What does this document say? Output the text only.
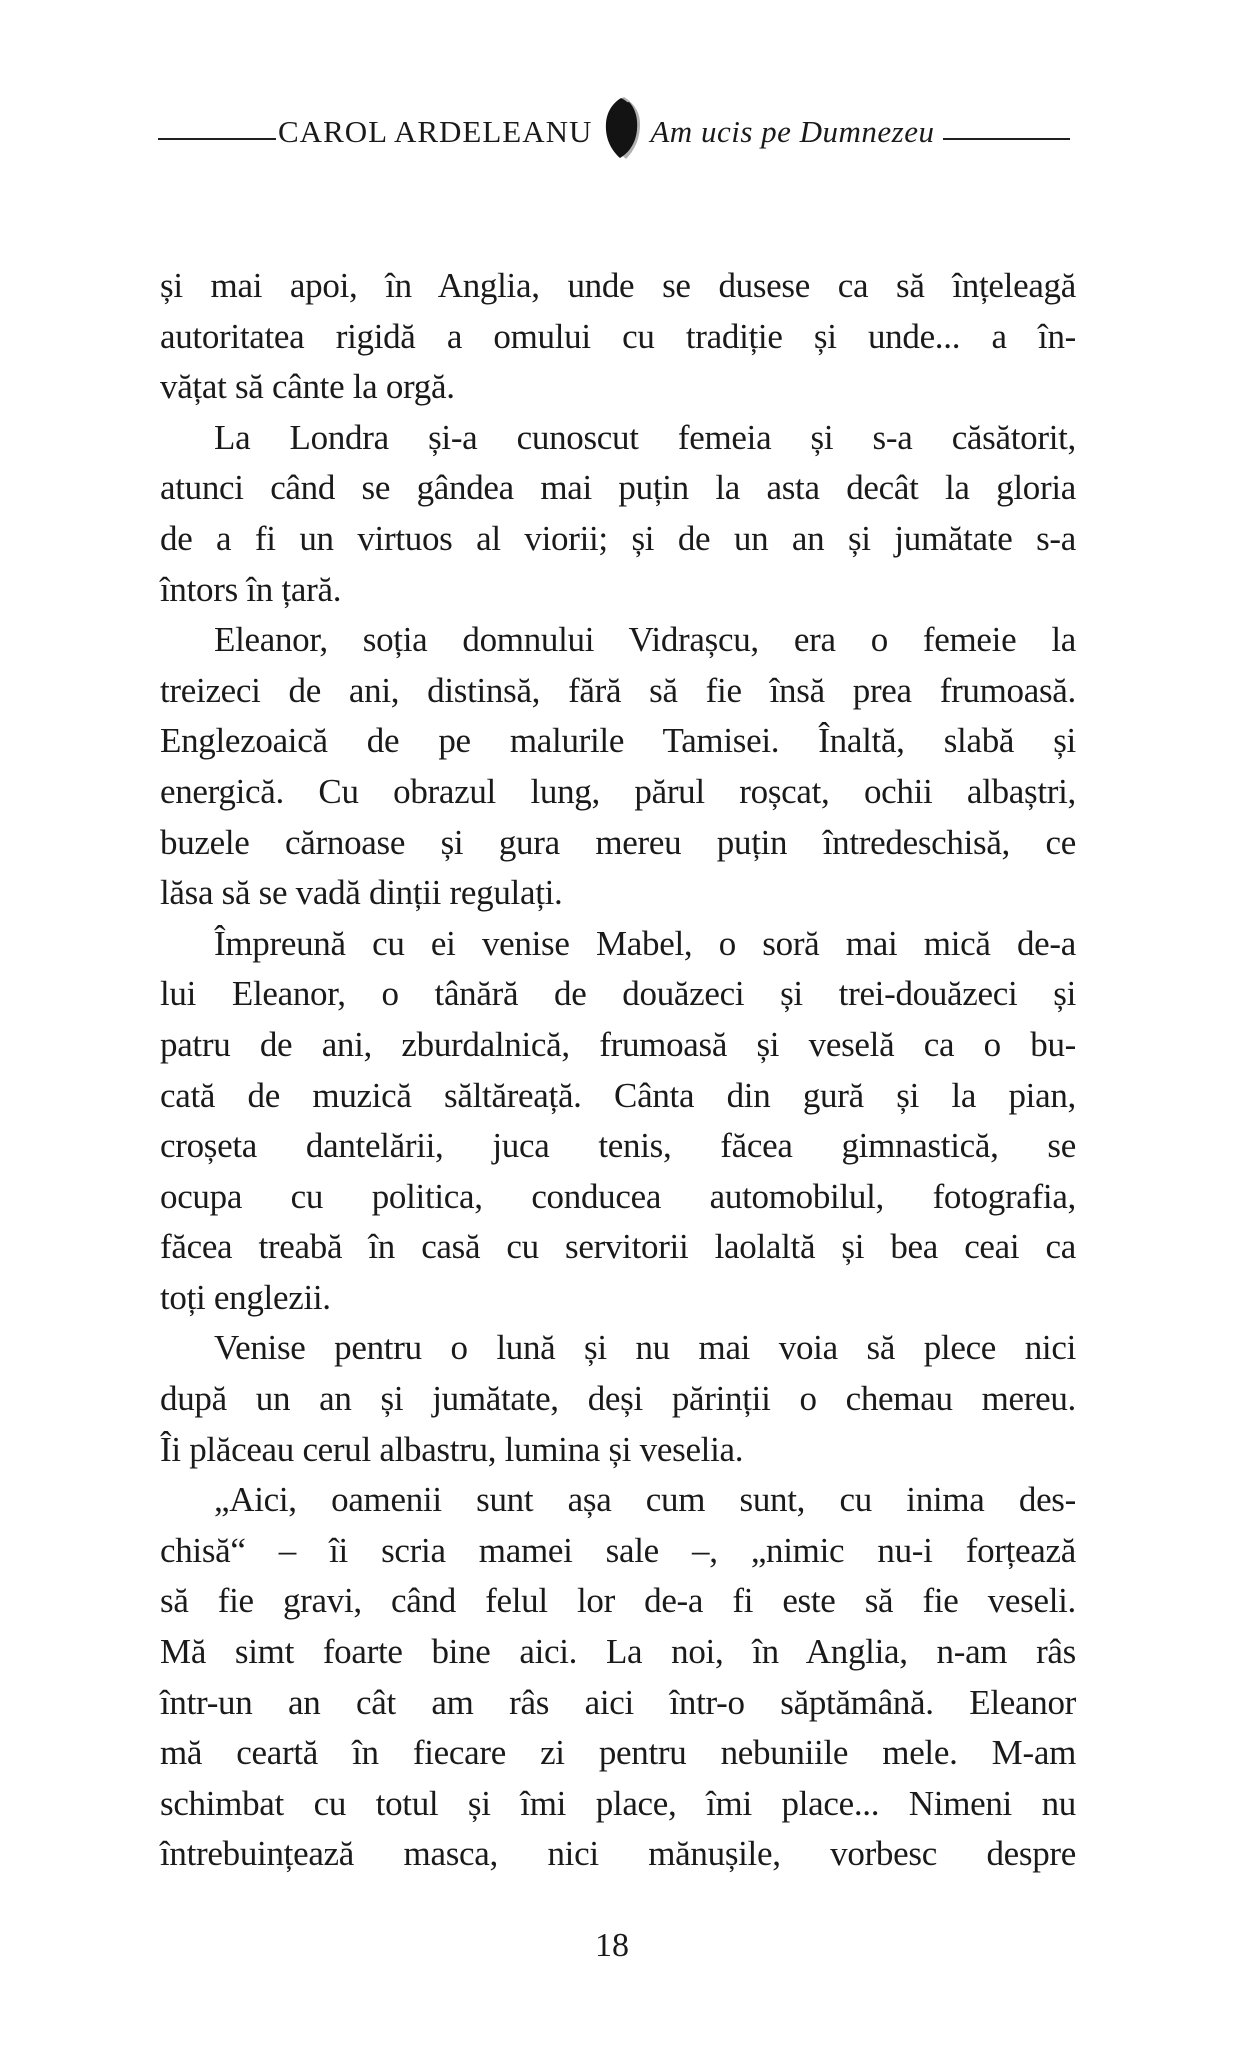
CAROL ARDELEANU Am ucis pe Dumnezeu
și mai apoi, în Anglia, unde se dusese ca să înțeleagă
autoritatea rigidă a omului cu tradiție și unde... a în-
vățat să cânte la orgă.
La Londra și-a cunoscut femeia și s-a căsătorit,
atunci când se gândea mai puțin la asta decât la gloria
de a fi un virtuos al viorii; și de un an și jumătate s-a
întors în țară.
Eleanor, soția domnului Vidrașcu, era o femeie la
treizeci de ani, distinsă, fără să fie însă prea frumoasă.
Englezoaică de pe malurile Tamisei. Înaltă, slabă și
energică. Cu obrazul lung, părul roșcat, ochii albaștri,
buzele cărnoase și gura mereu puțin întredeschisă, ce
lăsa să se vadă dinții regulați.
Împreună cu ei venise Mabel, o soră mai mică de-a
lui Eleanor, o tânără de douăzeci și trei-douăzeci și
patru de ani, zburdalnică, frumoasă și veselă ca o bu-
cată de muzică săltăreață. Cânta din gură și la pian,
croșeta dantelării, juca tenis, făcea gimnastică, se
ocupa cu politica, conducea automobilul, fotografia,
făcea treabă în casă cu servitorii laolaltă și bea ceai ca
toți englezii.
Venise pentru o lună și nu mai voia să plece nici
după un an și jumătate, deși părinții o chemau mereu.
Îi plăceau cerul albastru, lumina și veselia.
„Aici, oamenii sunt așa cum sunt, cu inima des-
chisă“ – îi scria mamei sale –, „nimic nu-i forțează
să fie gravi, când felul lor de-a fi este să fie veseli.
Mă simt foarte bine aici. La noi, în Anglia, n-am râs
într-un an cât am râs aici într-o săptămână. Eleanor
mă ceartă în fiecare zi pentru nebuniile mele. M-am
schimbat cu totul și îmi place, îmi place... Nimeni nu
întrebuințează masca, nici mănușile, vorbesc despre
18
